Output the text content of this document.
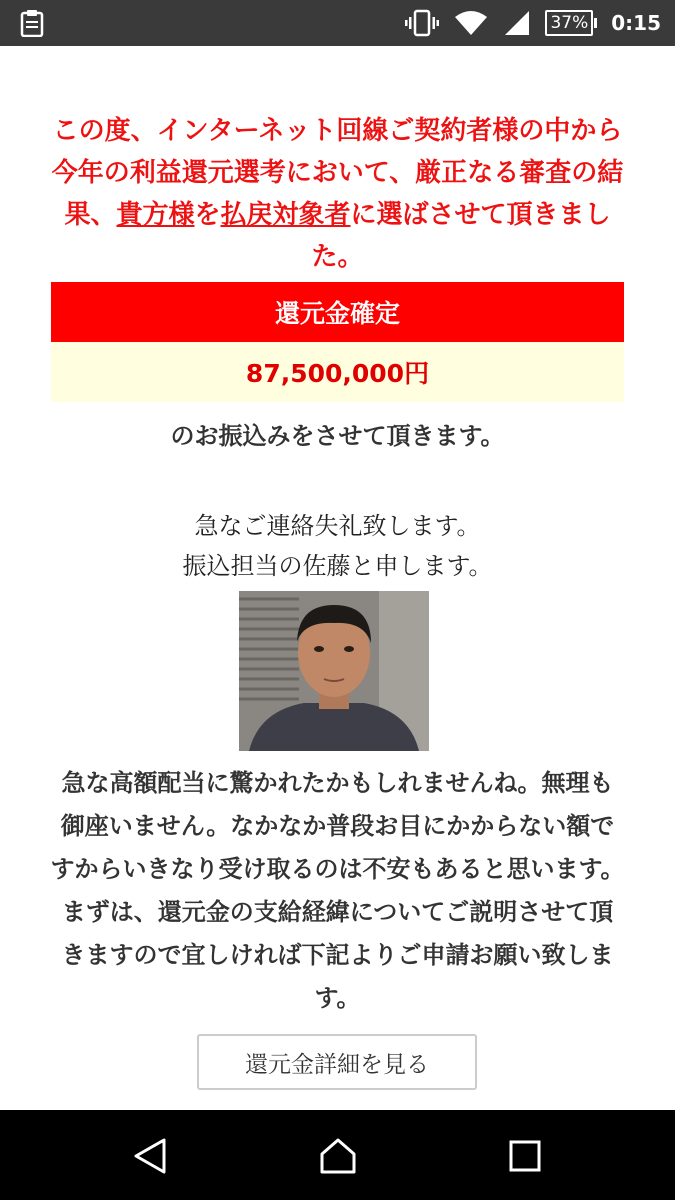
37% 0:15

この度、インターネット回線ご契約者様の中から今年の利益還元選考において、厳正なる審査の結果、貴方様を払戻対象者に選ばさせて頂きました。

還元金確定
87,500,000円
のお振込みをさせて頂きます。
急なご連絡失礼致します。
振込担当の佐藤と申します。

急な高額配当に驚かれたかもしれませんね。無理も御座いません。なかなか普段お目にかからない額ですからいきなり受け取るのは不安もあると思います。まずは、還元金の支給経緯についてご説明させて頂きますので宜しければ下記よりご申請お願い致します。

還元金詳細を見る
